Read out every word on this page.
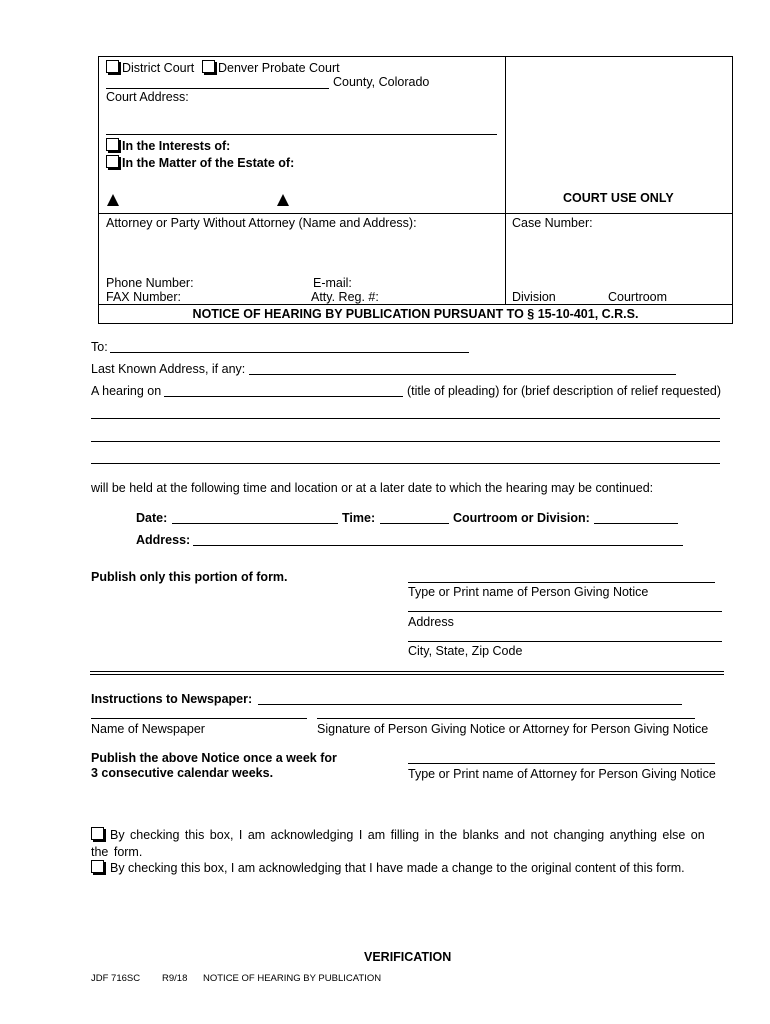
District Court	Denver Probate Court
County, Colorado
Court Address:
In the Interests of:
In the Matter of the Estate of:
COURT USE ONLY
Attorney or Party Without Attorney (Name and Address):	Case Number:
Phone Number:	E-mail:
FAX Number:	Atty. Reg. #:	Division	Courtroom
NOTICE OF HEARING BY PUBLICATION PURSUANT TO § 15-10-401, C.R.S.
To:
Last Known Address, if any:
A hearing on	(title of pleading) for (brief description of relief requested)
will be held at the following time and location or at a later date to which the hearing may be continued:
Date:	Time:	Courtroom or Division:
Address:
Publish only this portion of form.
Type or Print name of Person Giving Notice
Address
City, State, Zip Code
Instructions to Newspaper:
Name of Newspaper	Signature of Person Giving Notice or Attorney for Person Giving Notice
Publish the above Notice once a week for
3 consecutive calendar weeks.	Type or Print name of Attorney for Person Giving Notice
By checking this box, I am acknowledging I am filling in the blanks and not changing anything else on the form.
By checking this box, I am acknowledging that I have made a change to the original content of this form.
VERIFICATION
JDF 716SC R9/18 NOTICE OF HEARING BY PUBLICATION
